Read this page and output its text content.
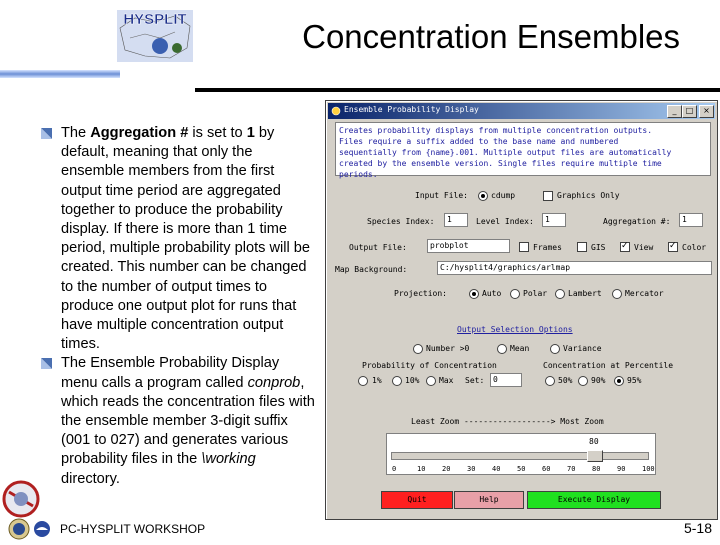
HYSPLIT	Concentration Ensembles
The Aggregation # is set to 1 by default, meaning that only the ensemble members from the first output time period are aggregated together to produce the probability display. If there is more than 1 time period, multiple probability plots will be created. This number can be changed to the number of output times to produce one output plot for runs that have multiple concentration output times.
The Ensemble Probability Display menu calls a program called conprob, which reads the concentration files with the ensemble member 3-digit suffix (001 to 027) and generates various probability files in the \working directory.
PC-HYSPLIT WORKSHOP	5-18
Ensemble Probability Display	_	□	×
Creates probability displays from multiple concentration outputs.
Files require a suffix added to the base name and numbered
sequentially from {name}.001. Multiple output files are automatically
created by the ensemble version. Single files require multiple time
periods.
Input File:	cdump	Graphics Only
Species Index:	1	Level Index:	1	Aggregation #:	1
Output File:	probplot	Frames	GIS ✓	View ✓	Color
Map Background:	C:/hysplit4/graphics/arlmap
Projection:	Auto	Polar	Lambert	Mercator
Output Selection Options
Number >0	Mean	Variance
Probability of Concentration	Concentration at Percentile
1%	10% Max Set:	0	50% 90%	95%
Least Zoom ------------------> Most Zoom
80
0	10 20 30 40 50 60 70 80 90 100
Quit	Help	Execute Display
